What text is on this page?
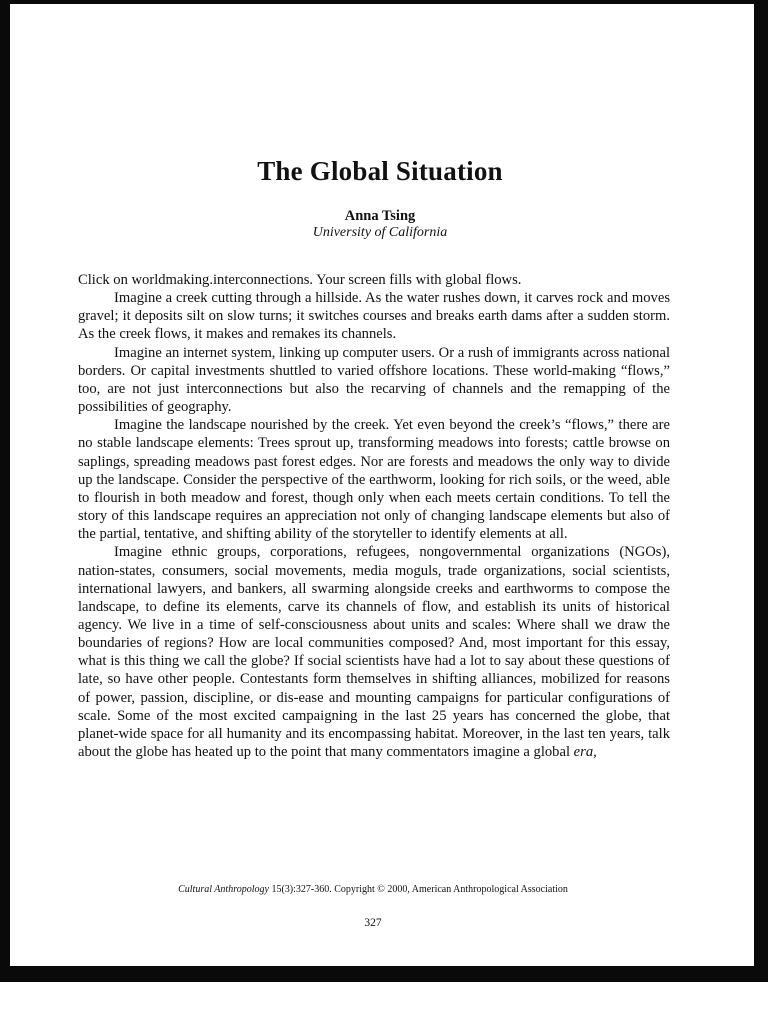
The Global Situation
Anna Tsing
University of California

Click on worldmaking.interconnections. Your screen fills with global flows.

Imagine a creek cutting through a hillside. As the water rushes down, it carves rock and moves gravel; it deposits silt on slow turns; it switches courses and breaks earth dams after a sudden storm. As the creek flows, it makes and remakes its channels.

Imagine an internet system, linking up computer users. Or a rush of immigrants across national borders. Or capital investments shuttled to varied offshore locations. These world-making “flows,” too, are not just interconnections but also the recarving of channels and the remapping of the possibilities of geography.

Imagine the landscape nourished by the creek. Yet even beyond the creek’s “flows,” there are no stable landscape elements: Trees sprout up, transforming meadows into forests; cattle browse on saplings, spreading meadows past forest edges. Nor are forests and meadows the only way to divide up the landscape. Consider the perspective of the earthworm, looking for rich soils, or the weed, able to flourish in both meadow and forest, though only when each meets certain conditions. To tell the story of this landscape requires an appreciation not only of changing landscape elements but also of the partial, tentative, and shifting ability of the storyteller to identify elements at all.

Imagine ethnic groups, corporations, refugees, nongovernmental organizations (NGOs), nation-states, consumers, social movements, media moguls, trade organizations, social scientists, international lawyers, and bankers, all swarming alongside creeks and earthworms to compose the landscape, to define its elements, carve its channels of flow, and establish its units of historical agency. We live in a time of self-consciousness about units and scales: Where shall we draw the boundaries of regions? How are local communities composed? And, most important for this essay, what is this thing we call the globe? If social scientists have had a lot to say about these questions of late, so have other people. Contestants form themselves in shifting alliances, mobilized for reasons of power, passion, discipline, or dis-ease and mounting campaigns for particular configurations of scale. Some of the most excited campaigning in the last 25 years has concerned the globe, that planet-wide space for all humanity and its encompassing habitat. Moreover, in the last ten years, talk about the globe has heated up to the point that many commentators imagine a global era,

Cultural Anthropology 15(3):327-360. Copyright © 2000, American Anthropological Association
327
